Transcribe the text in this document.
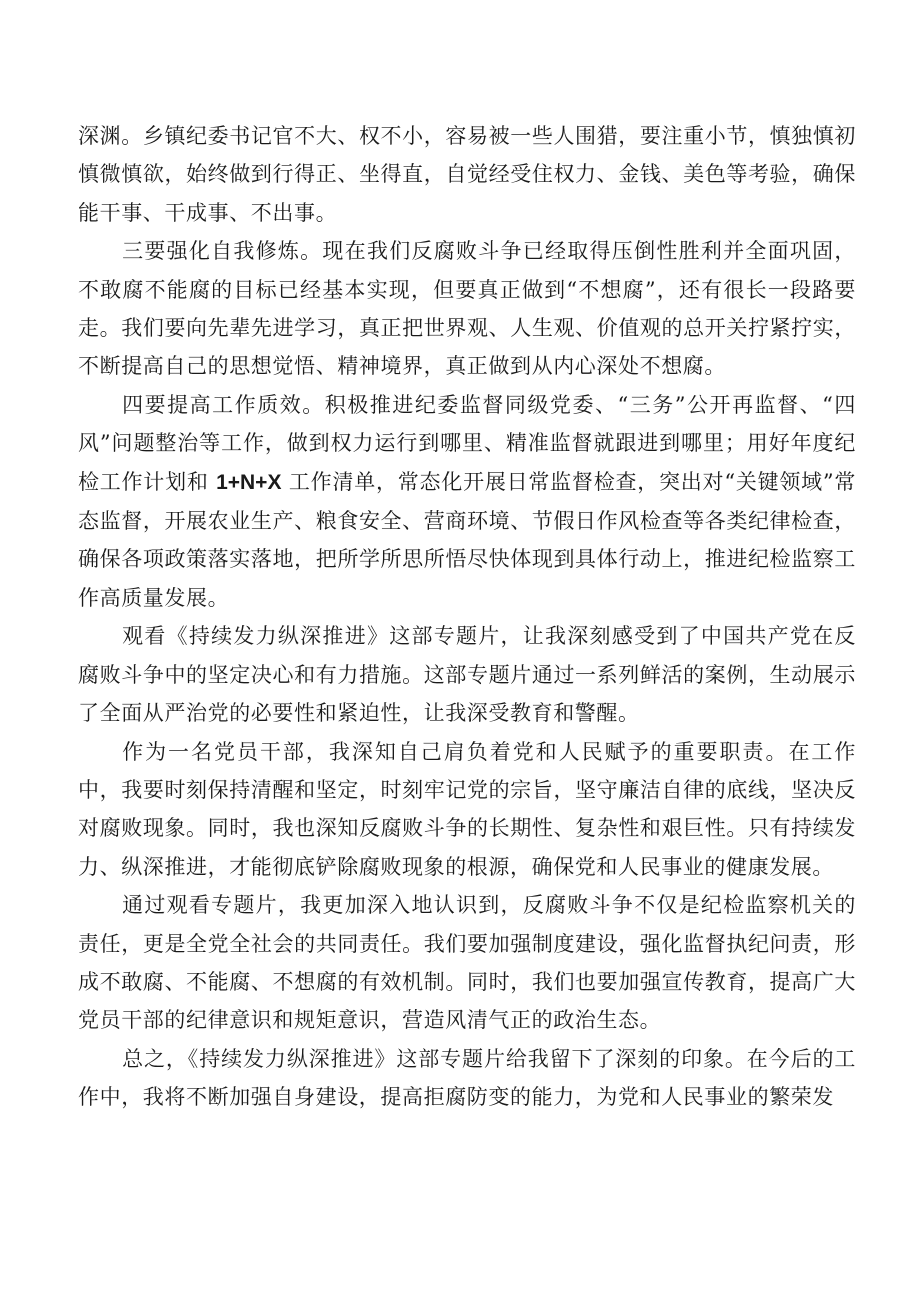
深渊。乡镇纪委书记官不大、权不小，容易被一些人围猎，要注重小节，慎独慎初慎微慎欲，始终做到行得正、坐得直，自觉经受住权力、金钱、美色等考验，确保能干事、干成事、不出事。

三要强化自我修炼。现在我们反腐败斗争已经取得压倒性胜利并全面巩固，不敢腐不能腐的目标已经基本实现，但要真正做到“不想腐”，还有很长一段路要走。我们要向先辈先进学习，真正把世界观、人生观、价值观的总开关拧紧拧实，不断提高自己的思想觉悟、精神境界，真正做到从内心深处不想腐。

四要提高工作质效。积极推进纪委监督同级党委、“三务”公开再监督、“四风”问题整治等工作，做到权力运行到哪里、精准监督就跟进到哪里；用好年度纪检工作计划和 1+N+X 工作清单，常态化开展日常监督检查，突出对“关键领域”常态监督，开展农业生产、粮食安全、营商环境、节假日作风检查等各类纪律检查，确保各项政策落实落地，把所学所思所悟尽快体现到具体行动上，推进纪检监察工作高质量发展。

观看《持续发力纵深推进》这部专题片，让我深刻感受到了中国共产党在反腐败斗争中的坚定决心和有力措施。这部专题片通过一系列鲜活的案例，生动展示了全面从严治党的必要性和紧迫性，让我深受教育和警醒。

作为一名党员干部，我深知自己肩负着党和人民赋予的重要职责。在工作中，我要时刻保持清醒和坚定，时刻牢记党的宗旨，坚守廉洁自律的底线，坚决反对腐败现象。同时，我也深知反腐败斗争的长期性、复杂性和艰巨性。只有持续发力、纵深推进，才能彻底铲除腐败现象的根源，确保党和人民事业的健康发展。

通过观看专题片，我更加深入地认识到，反腐败斗争不仅是纪检监察机关的责任，更是全党全社会的共同责任。我们要加强制度建设，强化监督执纪问责，形成不敢腐、不能腐、不想腐的有效机制。同时，我们也要加强宣传教育，提高广大党员干部的纪律意识和规矩意识，营造风清气正的政治生态。

总之，《持续发力纵深推进》这部专题片给我留下了深刻的印象。在今后的工作中，我将不断加强自身建设，提高拒腐防变的能力，为党和人民事业的繁荣发
